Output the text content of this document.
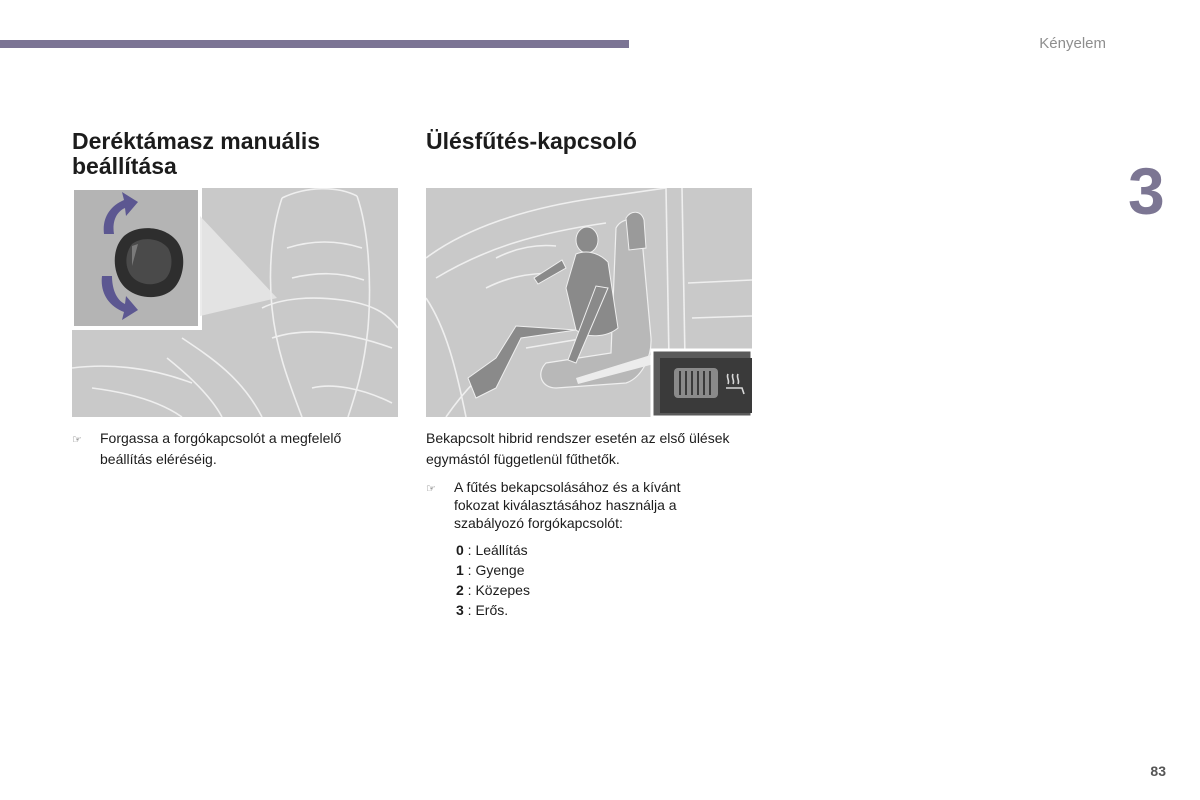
Kényelem
3
Deréktámasz manuális beállítása
☞	Forgassa a forgókapcsolót a megfelelő beállítás eléréséig.
Ülésfűtés-kapcsoló
Bekapcsolt hibrid rendszer esetén az első ülések egymástól függetlenül fűthetők.
☞	A fűtés bekapcsolásához és a kívánt fokozat kiválasztásához használja a szabályozó forgókapcsolót:
0 : Leállítás
1 : Gyenge
2 : Közepes
3 : Erős.
83
